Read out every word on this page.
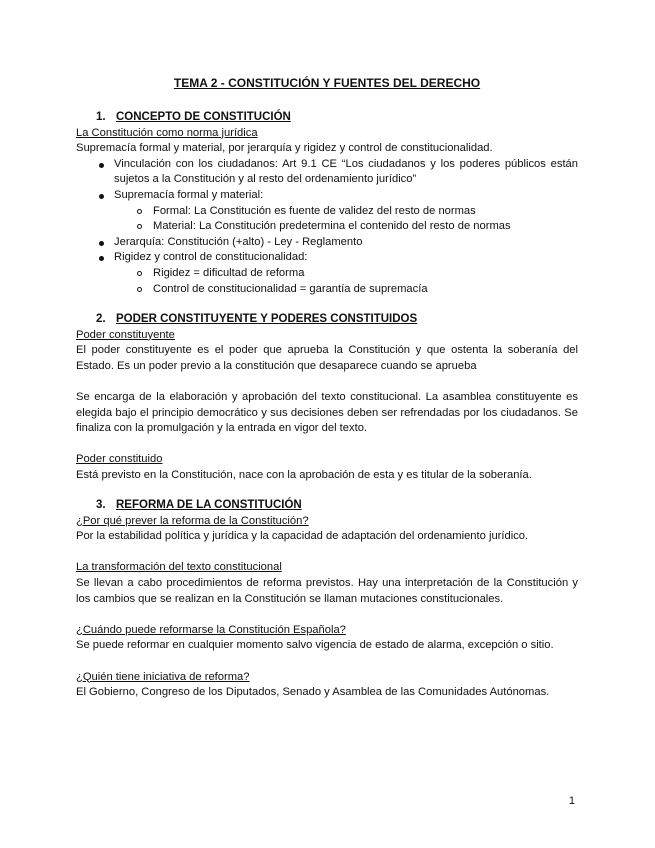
TEMA 2 - CONSTITUCIÓN Y FUENTES DEL DERECHO
1. CONCEPTO DE CONSTITUCIÓN
La Constitución como norma jurídica
Supremacía formal y material, por jerarquía y rigidez y control de constitucionalidad.
Vinculación con los ciudadanos: Art 9.1 CE “Los ciudadanos y los poderes públicos están sujetos a la Constitución y al resto del ordenamiento jurídico”
Supremacía formal y material:
Formal: La Constitución es fuente de validez del resto de normas
Material: La Constitución predetermina el contenido del resto de normas
Jerarquía: Constitución (+alto) - Ley - Reglamento
Rigidez y control de constitucionalidad:
Rigidez = dificultad de reforma
Control de constitucionalidad = garantía de supremacía
2. PODER CONSTITUYENTE Y PODERES CONSTITUIDOS
Poder constituyente
El poder constituyente es el poder que aprueba la Constitución y que ostenta la soberanía del Estado. Es un poder previo a la constitución que desaparece cuando se aprueba
Se encarga de la elaboración y aprobación del texto constitucional. La asamblea constituyente es elegida bajo el principio democrático y sus decisiones deben ser refrendadas por los ciudadanos. Se finaliza con la promulgación y la entrada en vigor del texto.
Poder constituido
Está previsto en la Constitución, nace con la aprobación de esta y es titular de la soberanía.
3. REFORMA DE LA CONSTITUCIÓN
¿Por qué prever la reforma de la Constitución?
Por la estabilidad política y jurídica y la capacidad de adaptación del ordenamiento jurídico.
La transformación del texto constitucional
Se llevan a cabo procedimientos de reforma previstos. Hay una interpretación de la Constitución y los cambios que se realizan en la Constitución se llaman mutaciones constitucionales.
¿Cuándo puede reformarse la Constitución Española?
Se puede reformar en cualquier momento salvo vigencia de estado de alarma, excepción o sitio.
¿Quién tiene iniciativa de reforma?
El Gobierno, Congreso de los Diputados, Senado y Asamblea de las Comunidades Autónomas.
1
